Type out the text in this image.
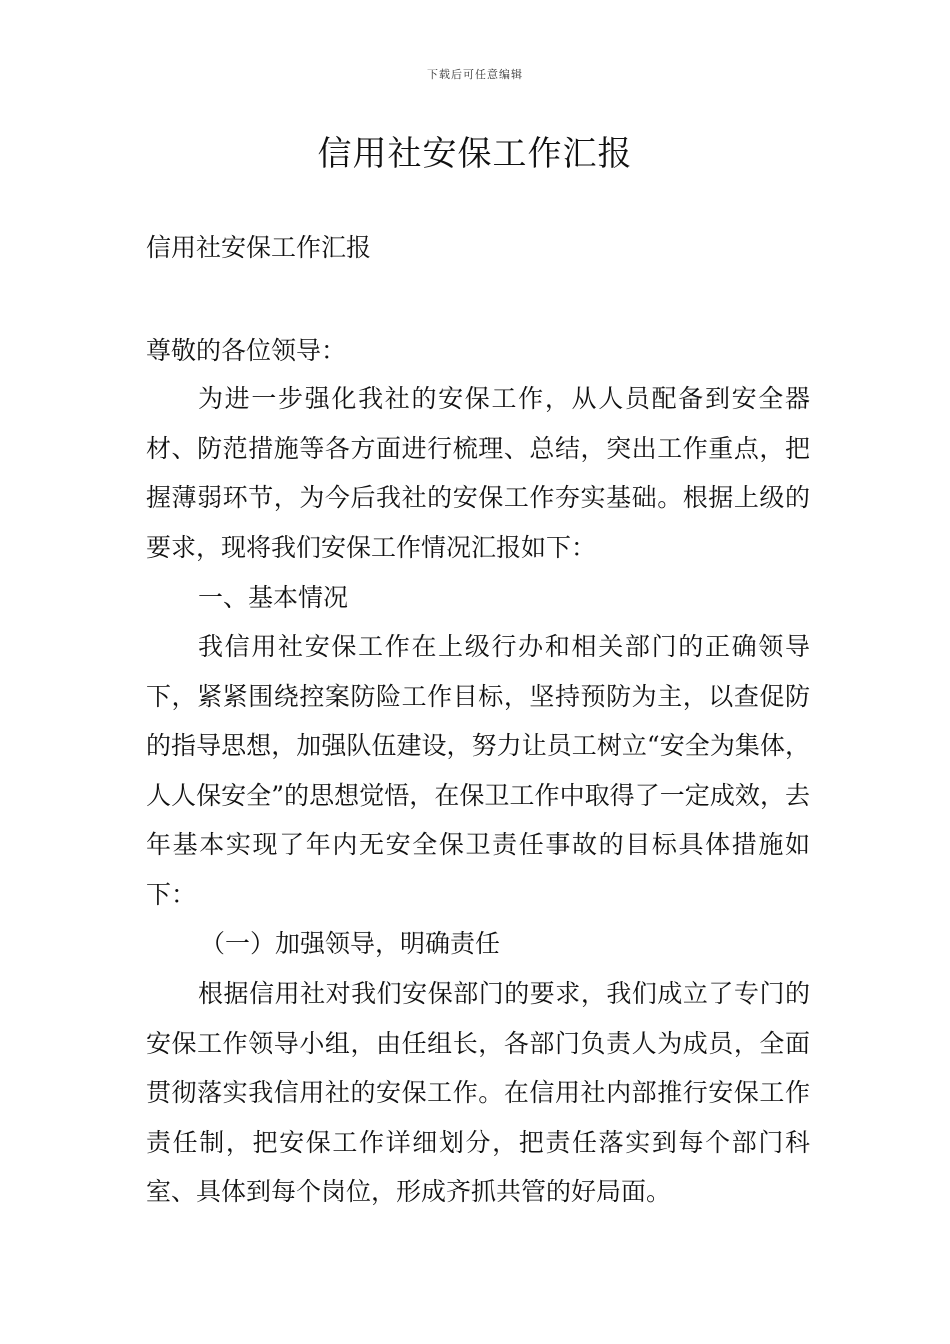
下载后可任意编辑
信用社安保工作汇报

信用社安保工作汇报

尊敬的各位领导：

为进一步强化我社的安保工作，从人员配备到安全器材、防范措施等各方面进行梳理、总结，突出工作重点，把握薄弱环节，为今后我社的安保工作夯实基础。根据上级的要求，现将我们安保工作情况汇报如下：

一、基本情况

我信用社安保工作在上级行办和相关部门的正确领导下，紧紧围绕控案防险工作目标，坚持预防为主，以查促防的指导思想，加强队伍建设，努力让员工树立“安全为集体，人人保安全”的思想觉悟，在保卫工作中取得了一定成效，去年基本实现了年内无安全保卫责任事故的目标具体措施如下：

（一）加强领导，明确责任

根据信用社对我们安保部门的要求，我们成立了专门的安保工作领导小组，由任组长，各部门负责人为成员，全面贯彻落实我信用社的安保工作。在信用社内部推行安保工作责任制，把安保工作详细划分，把责任落实到每个部门科室、具体到每个岗位，形成齐抓共管的好局面。
